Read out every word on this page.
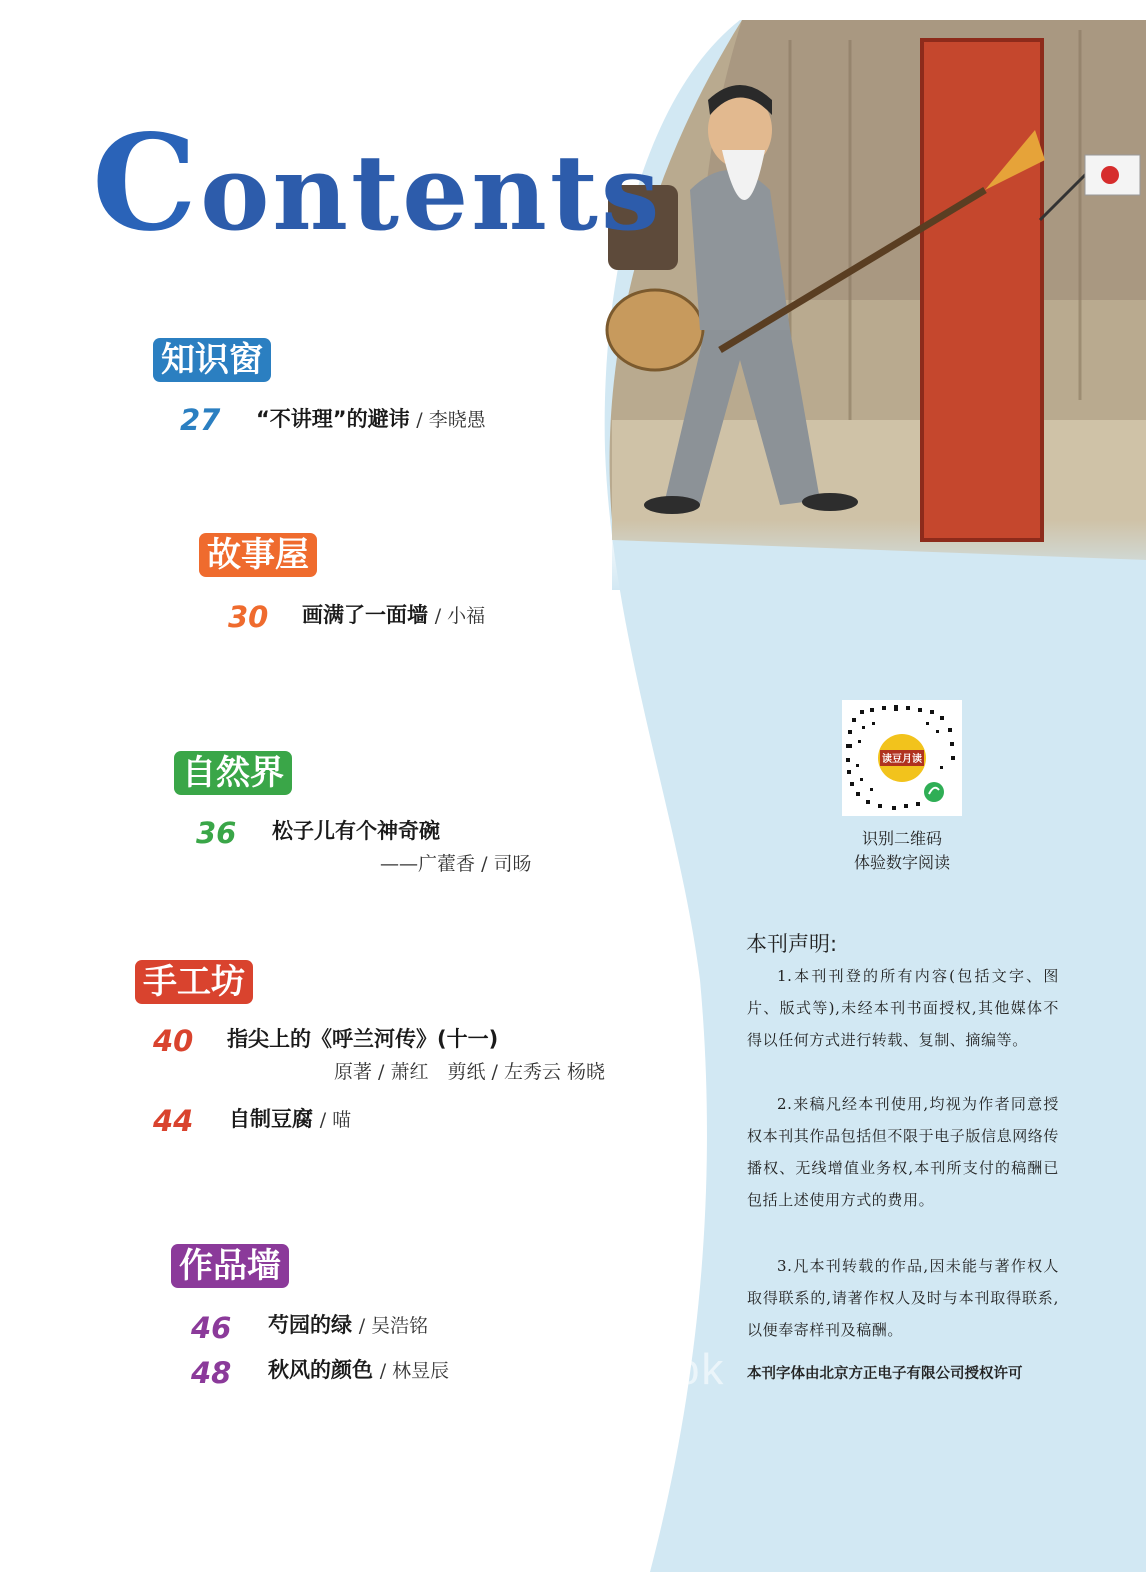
Contents
知识窗
27 “不讲理”的避讳 / 李晓愚
故事屋
30 画满了一面墙 / 小福
自然界
36 松子儿有个神奇碗
——广藿香 / 司旸
手工坊
40 指尖上的《呼兰河传》(十一)
原著 / 萧红　剪纸 / 左秀云 杨晓
44 自制豆腐 / 喵
作品墙
46 芍园的绿 / 吴浩铭
48 秋风的颜色 / 林昱辰
读豆月读
识别二维码
体验数字阅读
本刊声明:
1.本刊刊登的所有内容(包括文字、图片、版式等),未经本刊书面授权,其他媒体不得以任何方式进行转载、复制、摘编等。
2.来稿凡经本刊使用,均视为作者同意授权本刊其作品包括但不限于电子版信息网络传播权、无线增值业务权,本刊所支付的稿酬已包括上述使用方式的费用。
3.凡本刊转载的作品,因未能与著作权人取得联系的,请著作权人及时与本刊取得联系,以便奉寄样刊及稿酬。
本刊字体由北京方正电子有限公司授权许可
book
